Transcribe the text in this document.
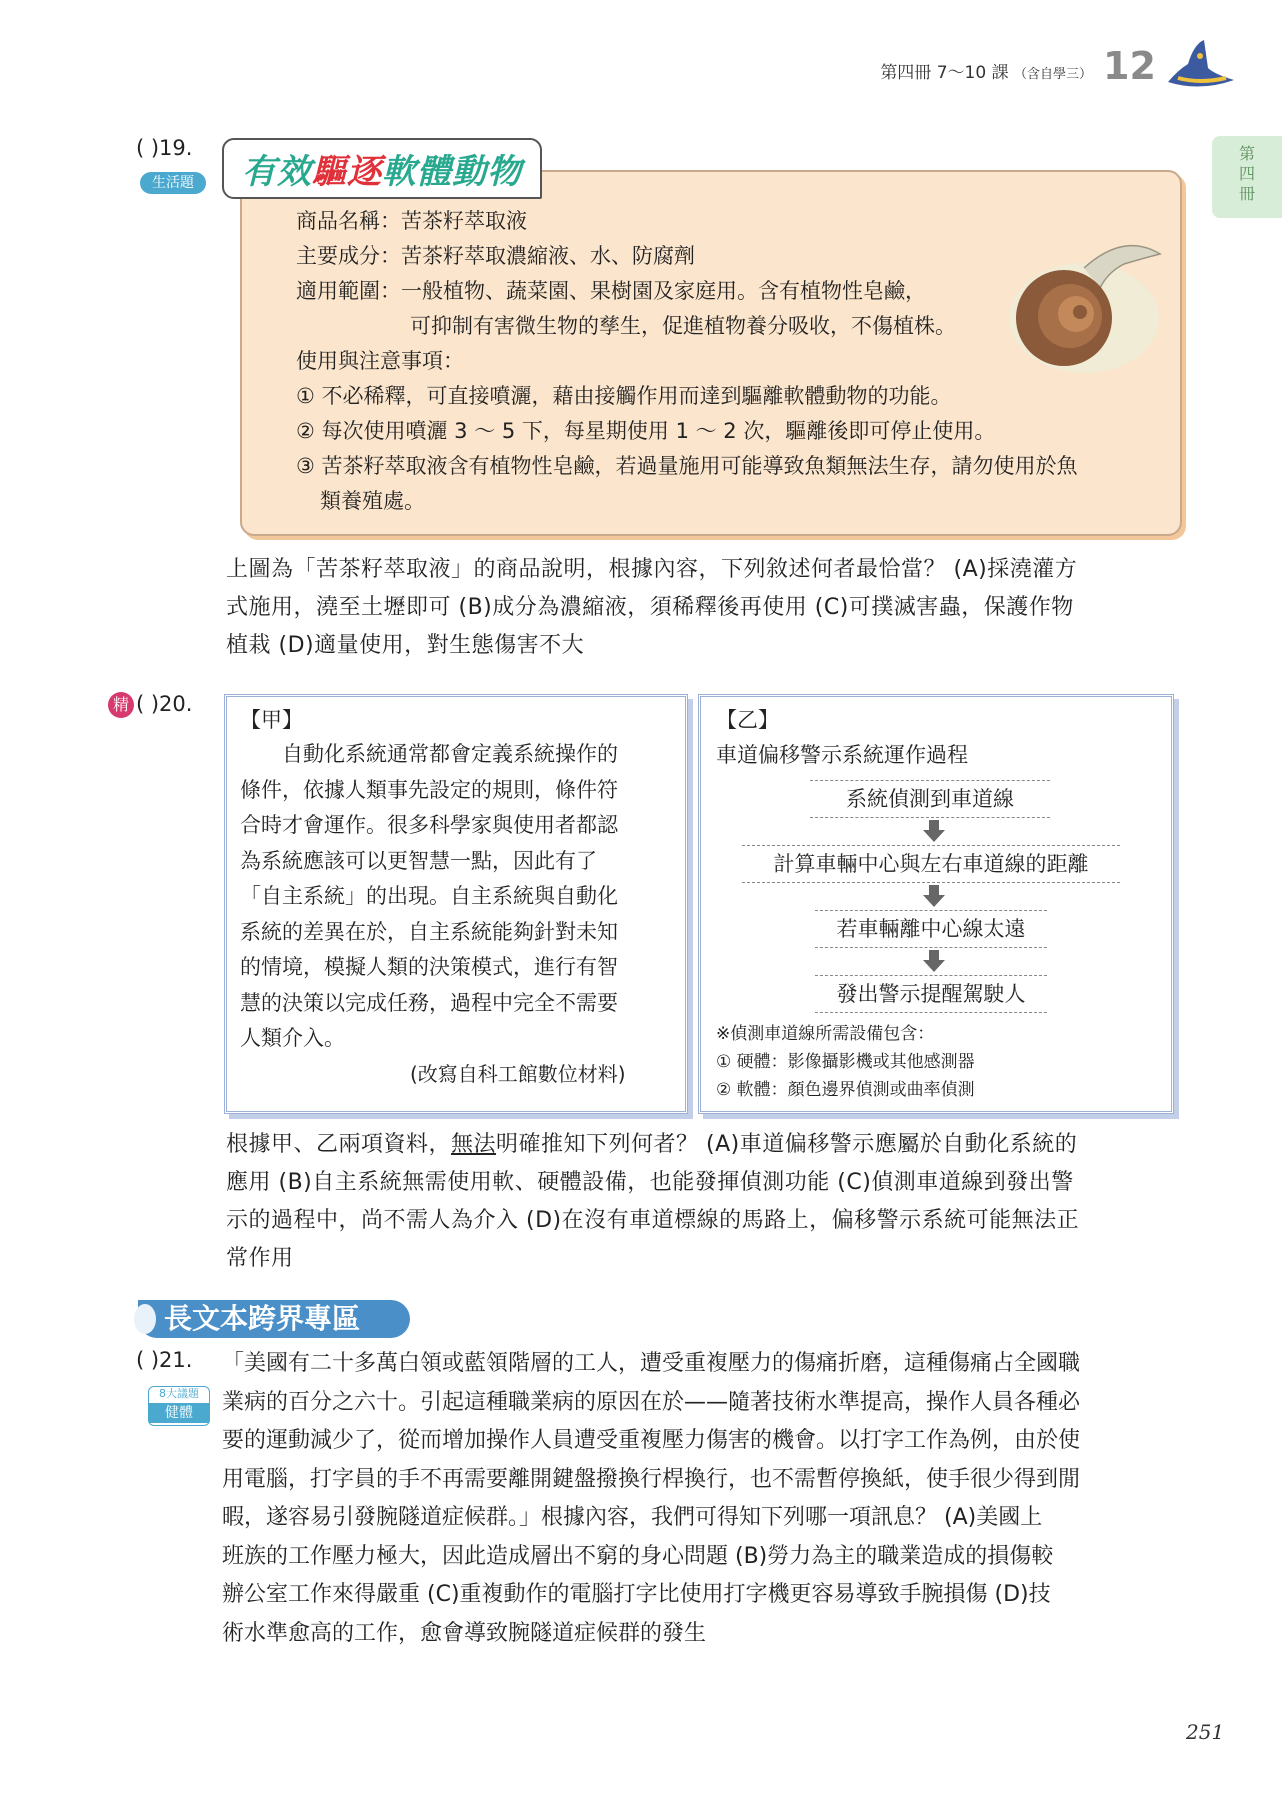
第四冊 7～10 課 （含自學三） 12
第
四
冊
( )19.
生活題	有效驅逐軟體動物
商品名稱：苦茶籽萃取液
主要成分：苦茶籽萃取濃縮液、水、防腐劑
適用範圍：一般植物、蔬菜園、果樹園及家庭用。含有植物性皂鹼，
可抑制有害微生物的孳生，促進植物養分吸收，不傷植株。
使用與注意事項：
① 不必稀釋，可直接噴灑，藉由接觸作用而達到驅離軟體動物的功能。
② 每次使用噴灑 3 ～ 5 下，每星期使用 1 ～ 2 次，驅離後即可停止使用。
③ 苦茶籽萃取液含有植物性皂鹼，若過量施用可能導致魚類無法生存，請勿使用於魚
類養殖處。
上圖為「苦茶籽萃取液」的商品說明，根據內容，下列敘述何者最恰當？ (A)採澆灌方
式施用，澆至土壢即可 (B)成分為濃縮液，須稀釋後再使用 (C)可撲滅害蟲，保護作物
植栽 (D)適量使用，對生態傷害不大
精 ( )20.
【甲】
　　自動化系統通常都會定義系統操作的
條件，依據人類事先設定的規則，條件符
合時才會運作。很多科學家與使用者都認
為系統應該可以更智慧一點，因此有了
「自主系統」的出現。自主系統與自動化
系統的差異在於，自主系統能夠針對未知
的情境，模擬人類的決策模式，進行有智
慧的決策以完成任務，過程中完全不需要
人類介入。
(改寫自科工館數位材料)
【乙】
車道偏移警示系統運作過程
系統偵測到車道線
計算車輛中心與左右車道線的距離
若車輛離中心線太遠
發出警示提醒駕駛人
※偵測車道線所需設備包含：
① 硬體：影像攝影機或其他感測器
② 軟體：顏色邊界偵測或曲率偵測
根據甲、乙兩項資料，無法明確推知下列何者？ (A)車道偏移警示應屬於自動化系統的
應用 (B)自主系統無需使用軟、硬體設備，也能發揮偵測功能 (C)偵測車道線到發出警
示的過程中，尚不需人為介入 (D)在沒有車道標線的馬路上，偏移警示系統可能無法正
常作用
長文本跨界專區
( )21.
8大議題
健體
「美國有二十多萬白領或藍領階層的工人，遭受重複壓力的傷痛折磨，這種傷痛占全國職
業病的百分之六十。引起這種職業病的原因在於——隨著技術水準提高，操作人員各種必
要的運動減少了，從而增加操作人員遭受重複壓力傷害的機會。以打字工作為例，由於使
用電腦，打字員的手不再需要離開鍵盤撥換行桿換行，也不需暫停換紙，使手很少得到閒
暇，遂容易引發腕隧道症候群。」根據內容，我們可得知下列哪一項訊息？ (A)美國上
班族的工作壓力極大，因此造成層出不窮的身心問題 (B)勞力為主的職業造成的損傷較
辦公室工作來得嚴重 (C)重複動作的電腦打字比使用打字機更容易導致手腕損傷 (D)技
術水準愈高的工作，愈會導致腕隧道症候群的發生
251
